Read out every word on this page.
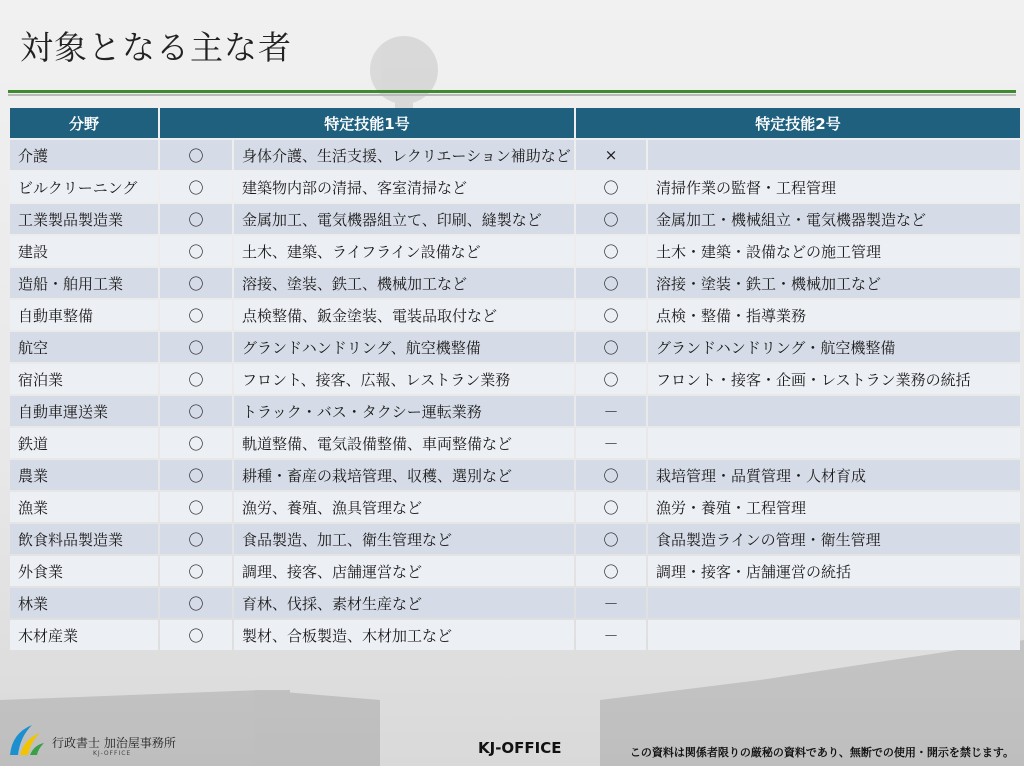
対象となる主な者
分野	特定技能1号		特定技能2号	
介護	〇	身体介護、生活支援、レクリエーション補助など	×	
ビルクリーニング	〇	建築物内部の清掃、客室清掃など	〇	清掃作業の監督・工程管理
工業製品製造業	〇	金属加工、電気機器組立て、印刷、縫製など	〇	金属加工・機械組立・電気機器製造など
建設	〇	土木、建築、ライフライン設備など	〇	土木・建築・設備などの施工管理
造船・舶用工業	〇	溶接、塗装、鉄工、機械加工など	〇	溶接・塗装・鉄工・機械加工など
自動車整備	〇	点検整備、鈑金塗装、電装品取付など	〇	点検・整備・指導業務
航空	〇	グランドハンドリング、航空機整備	〇	グランドハンドリング・航空機整備
宿泊業	〇	フロント、接客、広報、レストラン業務	〇	フロント・接客・企画・レストラン業務の統括
自動車運送業	〇	トラック・バス・タクシー運転業務	－	
鉄道	〇	軌道整備、電気設備整備、車両整備など	－	
農業	〇	耕種・畜産の栽培管理、収穫、選別など	〇	栽培管理・品質管理・人材育成
漁業	〇	漁労、養殖、漁具管理など	〇	漁労・養殖・工程管理
飲食料品製造業	〇	食品製造、加工、衛生管理など	〇	食品製造ラインの管理・衛生管理
外食業	〇	調理、接客、店舗運営など	〇	調理・接客・店舗運営の統括
林業	〇	育林、伐採、素材生産など	－	
木材産業	〇	製材、合板製造、木材加工など	－	
行政書士 加治屋事務所
KJ-OFFICE	KJ-OFFICE	この資料は関係者限りの厳秘の資料であり、無断での使用・開示を禁じます。
